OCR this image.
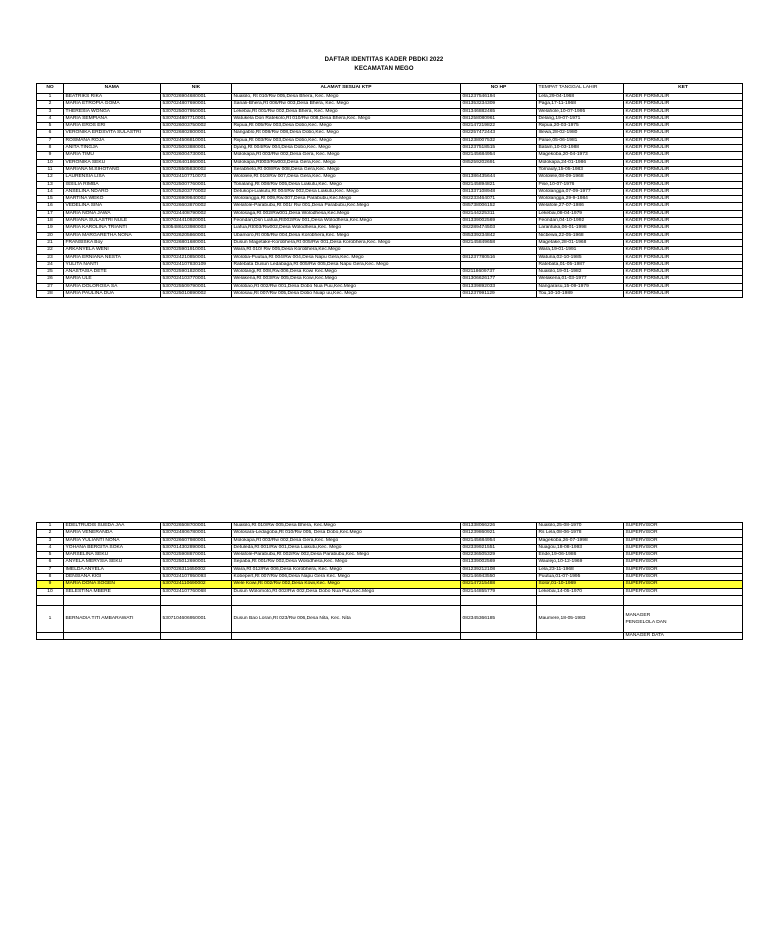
DAFTAR IDENTITAS KADER PBDKI 2022
KECAMATAN MEGO
NO	NAMA	NIK	ALAMAT SESUAI KTP	NO HP	TEMPAT TANGGAL LAHIR	KET
1	BEATRIKS RIKA	5307026904680001	Nualolo, Rt 010/Rw 005,Desa Bhera, Kec. Mego	081237546194	Lela,29-04-1968	KADER FORMULIR
2	MARIA ETROPIA GOMA	5307024807690001	Sanali-Bhera,Rt 006/Rw 003,Desa Bhera, Kec. Mego	081353234309	Paga,17-11-1968	KADER FORMULIR
3	THERESIA WONGA	5307025007950001	Lekebai,Rt 001/Rw 002,Desa Bhera, Kec. Mego	081346882465	Welahole,10-07-1995	KADER FORMULIR
4	MARIA SEMPIANA	5307024807710001	Watukela Don Ratekolo,Rt 010/Rw 008,Desa Bhera,Kec. Mego	081258080961	Delang,19-07-1971	KADER FORMULIR
5	MARIA EROS ERI	5307026003750002	Riipua,Rt 005/Rw 003,Desa Dobo,Kec. Mego	082147219822	Riipua,20-03-1975	KADER FORMULIR
6	VERONIKA ERDSVITA SULASTRI	5307026802800001	Nangablo,Rt 008/Rw 008,Desa Dobo,Kec. Mego	082257472443	Illewa,28-02-1980	KADER FORMULIR
7	ROSMANA ROJA	5307024506810001	Riipua,Rt 003/Rw 003,Desa Dobo,Kec. Mego	081238007532	Palue,05-06-1981	KADER FORMULIR
8	ANITA TINGJA	5307025003880001	Djang,Rt 004/Rw 004,Desa Dobo,Kec. Mego	081237518515	Batam,10-03-1988	KADER FORMULIR
9	MARIA TIMU	5307026004730001	Molokapa,Rt 003/Rw 002,Desa Gera, Kec. Mego	082145684954	Magekoba,20-04-1973	KADER FORMULIR
10	VERONIKA SEKU	5307026401860001	Molokapa,Rt003/Rw003,Desa Gera,Kec. Mego	085259202691	Molokapa,24-01-1986	KADER FORMULIR
11	MARIANA M.SIHOTANG	5307025505830002	Serabheto,Rt 008/Rw 008,Desa Gera,Kec. Mego		Tornauly,15-05-1983	KADER FORMULIR
12	LAURENSIA LISA	5307024107710073	Wololele,Rt 010/Rw 007,Desa Gera,Kec. Mego	081386435644	Wololele,08-09-1968	KADER FORMULIR
13	ISSILIA RIMBA	5307025007760001	Tonalang,Rt 008/Rw 005,Desa Liakutu,Kec. Mego	082145894821	Pise,10-07-1976	KADER FORMULIR
14	ANSELINA NDARO	5307025203770002	Detukopi-Liakutu,Rt 004/Rw 002,Desa Liakutu,Kec. Mego	081337108948	Wololangga,07-09-1977	KADER FORMULIR
15	MARTINA WEKO	5307026909840002	Wololangga,Rt 009,Rw.007,Desa Parabubu,Kec.Mego	082233464071	Wololangga,29-9-1984	KADER FORMULIR
16	VEDELINA SINA	5307026603870002	Welafole-Parabubu,Rt 001/ Rw 001,Desa Parabubu,Kec.Mego	085738006152	Welafole,27-07-1986	KADER FORMULIR
17	MARIA NONA JAWA	5307024408790002	Wolosaga,Rt 002/Rw001,Desa Wolodhesa,Kec.Mego	082144225311	Lekebai,08-04-1979	KADER FORMULIR
18	MARIANA SULASTRI NULE	5307024410920001	Feondari,Dsn Liafua,Rt002/Rw 001,Desa Wolodhesa,Kec.Mego	081339002569	Feondari,04-10-1992	KADER FORMULIR
19	MARIA KAROLINA TRIANTI	5305486103980003	Liafua,Rt003/Rw002,Desa Wolodhesa,Kec. Mego	082289474503	Larantuka,06-01-1998	KADER FORMULIR
20	MARIA MARGARETHA NONA	5307026205860001	Ubamoro,Rt 005/Rw 004,Desa Korobhera,Kec. Mego	085339234842	Nicbewa,22-05-1968	KADER FORMULIR
21	FRANSISKA Boy	5307026801680001	Dusun Magetake-Korobhera,Rt 005/Rw 001,Desa Korobhera,Kec. Mego	082145849658	Magetake,28-01-1968	KADER FORMULIR
22	ARKANYELA WENI	5307025901910001	Wara,Rt 010/ Rw 005,Desa Korobhera,Kec.Mego		Wara,19-01-1991	KADER FORMULIR
23	MARIA ERNIANA NESTA	5307024210850001	Woloba-Puutua,Rt 004/Rw 004,Desa Napu Gera,Kec. Mego	081237780516	Waturia,02-10-1985	KADER FORMULIR
24	YULITA NANTI	5307024107830109	Ratebata Dusun Ledabaga,Rt 005/Rw 005,Desa Napu Gera,Kec. Mego		Ratebata,01-05-1987	KADER FORMULIR
25	ANASTASIA DETE	5307025901820001	Wolotangi,Rt 008,Rw.006,Desa Kowi Kec.Mego	082118609737	Nualolo,19-01-1982	KADER FORMULIR
26	MARIA ULE	5307024103770001	Welakena,Rt 003/Rw 005,Desa Kowi,Kec.Mego	081306626177	Welakena,01-03-1977	KADER FORMULIR
27	MARIA DOLOROSA SA	5307025509790001	Wolobao,Rt 002/Rw 001,Desa Dobo Nua Puu,Kec.Mego	081339892033	Nangarasu,15-09-1979	KADER FORMULIR
28	MARIA PAULINA DUA	5307025010890002	Wolosau,Rt 007/Rw 005,Desa Dobo Nuap uu,Kec. Mego	081237991129	Tou,10-10-1989	KADER FORMULIR
1	EDELTRUDIS SUEDA JAA	5307026508700001	Nualolo,Rt 010/Rw 005,Desa Bhera, Kec.Mego	081338066226	Nualolo,25-08-1970	SUPERVISOR
2	MARIA VENERANDA	5307024806780001	Wolosara-Ledagoba,Rt 010/Rw 005, Desa Dobo,Kec.Mego	081239860921	Rs Lela,08-06-1978	SUPERVISOR
3	MARIA YULIANTI NONA	5307026607980001	Molokapa,Rt 003/Rw 002,Desa Gera,Kec. Mego	082145684954	Magekoba,26-07-1998	SUPERVISOR
4	YOHANA BERGITA SOKA	5307014302890001	Detuleda,Rt 001/Rw 001,Desa Liakutu,Kec. Mego	082339921551	Nuagou,18-08-1993	SUPERVISOR
5	MARSELINA SEKU	5307025908870001	Welafole-Parabubu,Rt 002/Rw 002,Desa Parabubu,Kec. Mego	082236505329	Ende,19-06-1986	SUPERVISOR
6	ANYELA MERYSIA SEKU	5307025012690001	Sepaba,Rt 001/Rw 002,Desa Wolodhesa,Kec. Mego	081339002569	Waulejo,10-12-1969	SUPERVISOR
7	IMELDA ANYELA	5307026311650002	Wara,Rt 012/Rw 006,Desa Korobhera, Kec. Mego	081239212108	Lela,23-11-1968	SUPERVISOR
8	DENSIANA KIGI	5307024107950093	Kobepert,Rt 007/Rw 006,Desa Napu Gera Kec. Mego	082146943550	Puutua,01-07-1995	SUPERVISOR
9	MARIA DONA SOGEN	5307024110690002	Wele Kowi,Rt 002/Rw 002,Desa Kowi,Kec. Mego	082147215488	Solor,01-10-1969	SUPERVISOR
10	SELESTINA MBERE	5307024107760068	Dusun Wolomoto,Rt 002/Rw 002,Desa Dobo Nua Puu,Kec.Mego	082144855779	Lekebai,14-05-1970	SUPERVISOR

1	BERNADIA TITI AMBARAWATI	5307104606950001	Dusun Bao Loran,Rt 023/Rw 006,Desa Nita, Kec. Nita	082345366185	Maumere,18-05-1983	MANAGER
PENGELOLA DAN

						MANAGER DATA
